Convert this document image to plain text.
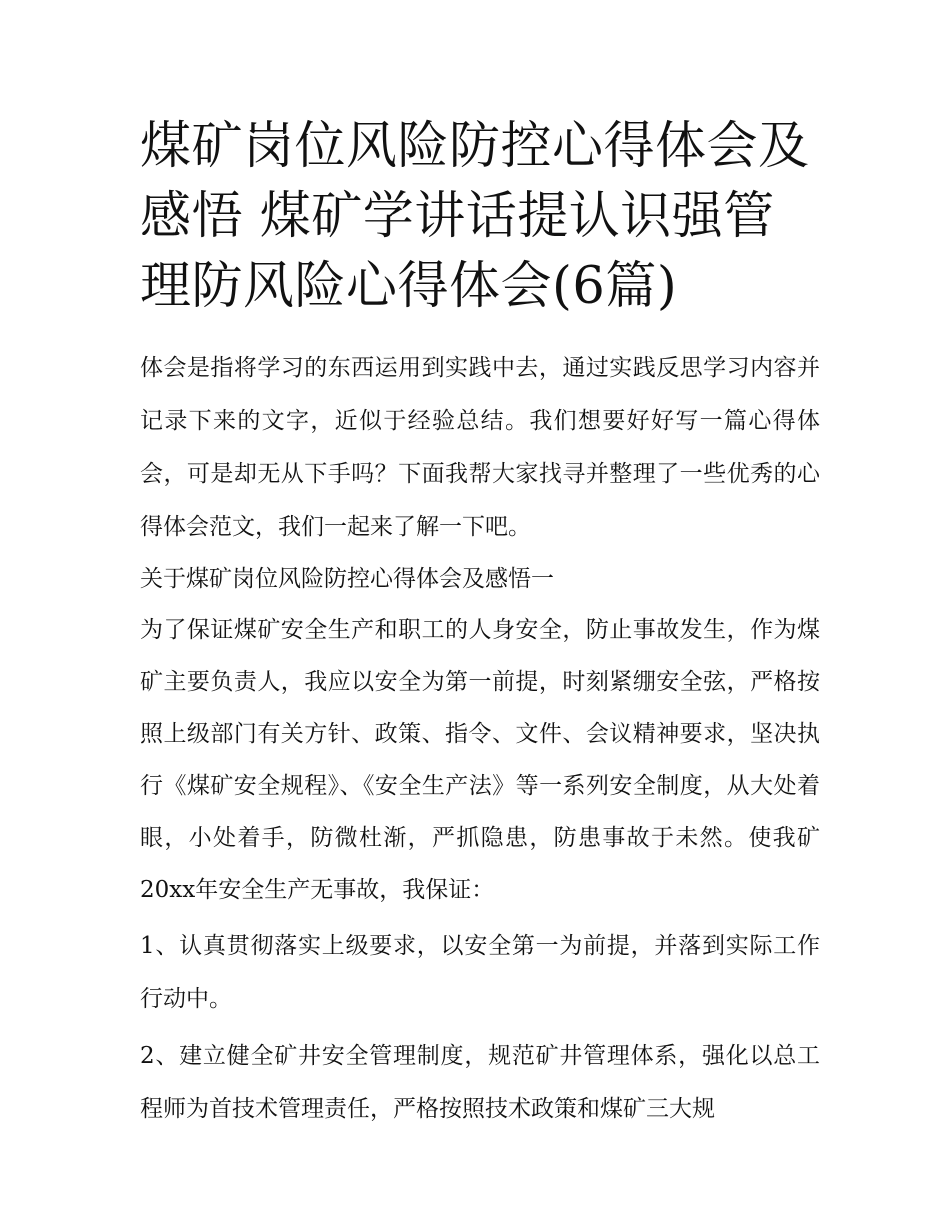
煤矿岗位风险防控心得体会及感悟 煤矿学讲话提认识强管理防风险心得体会(6篇)

体会是指将学习的东西运用到实践中去，通过实践反思学习内容并记录下来的文字，近似于经验总结。我们想要好好写一篇心得体会，可是却无从下手吗？下面我帮大家找寻并整理了一些优秀的心得体会范文，我们一起来了解一下吧。

关于煤矿岗位风险防控心得体会及感悟一

为了保证煤矿安全生产和职工的人身安全，防止事故发生，作为煤矿主要负责人，我应以安全为第一前提，时刻紧绷安全弦，严格按照上级部门有关方针、政策、指令、文件、会议精神要求，坚决执行《煤矿安全规程》、《安全生产法》等一系列安全制度，从大处着眼，小处着手，防微杜渐，严抓隐患，防患事故于未然。使我矿20xx年安全生产无事故，我保证：

1、认真贯彻落实上级要求，以安全第一为前提，并落到实际工作行动中。

2、建立健全矿井安全管理制度，规范矿井管理体系，强化以总工程师为首技术管理责任，严格按照技术政策和煤矿三大规
